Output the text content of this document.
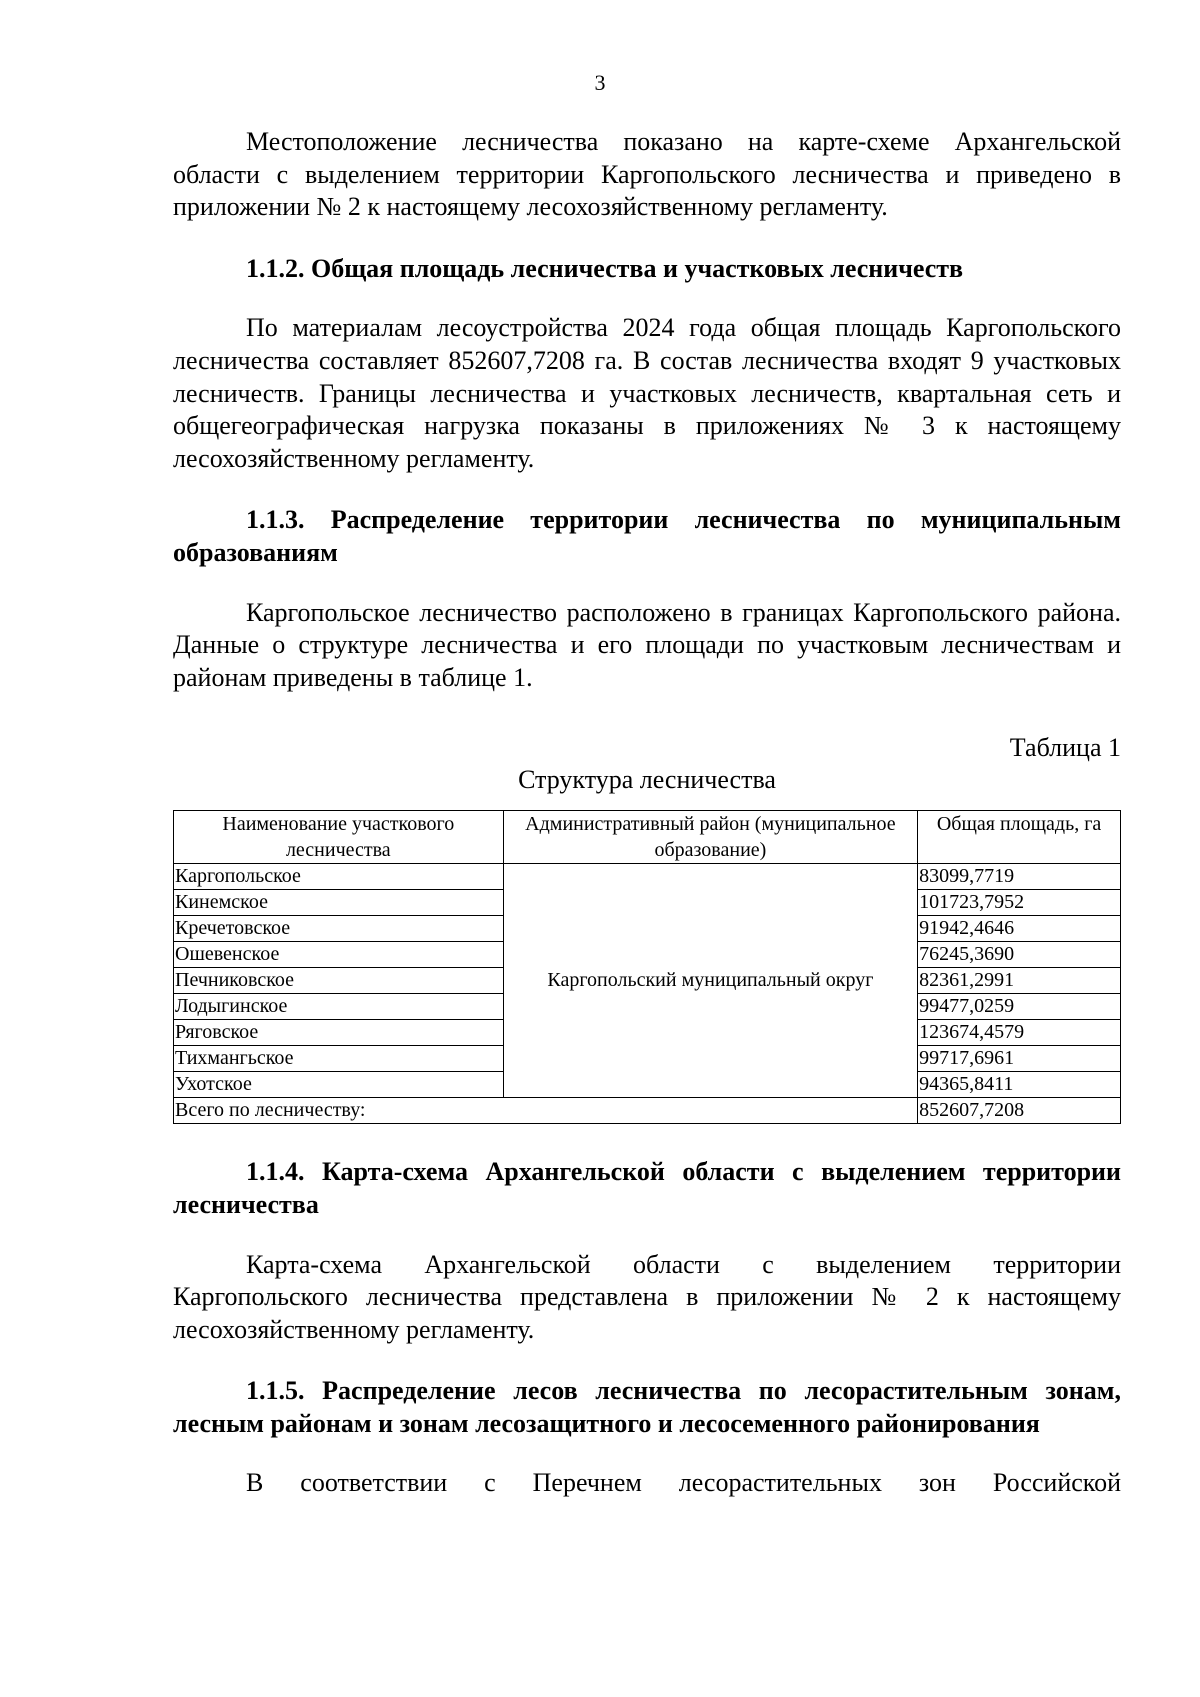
3

Местоположение лесничества показано на карте-схеме Архангельской области с выделением территории Каргопольского лесничества и приведено в приложении № 2 к настоящему лесохозяйственному регламенту.

1.1.2. Общая площадь лесничества и участковых лесничеств

По материалам лесоустройства 2024 года общая площадь Каргопольского лесничества составляет 852607,7208 га. В состав лесничества входят 9 участковых лесничеств. Границы лесничества и участковых лесничеств, квартальная сеть и общегеографическая нагрузка показаны в приложениях № 3 к настоящему лесохозяйственному регламенту.

1.1.3. Распределение территории лесничества по муниципальным образованиям

Каргопольское лесничество расположено в границах Каргопольского района. Данные о структуре лесничества и его площади по участковым лесничествам и районам приведены в таблице 1.

Таблица 1
Структура лесничества
Наименование участкового лесничества	Административный район (муниципальное образование)	Общая площадь, га
Каргопольское	Каргопольский муниципальный округ	83099,7719
Кинемское		101723,7952
Кречетовское		91942,4646
Ошевенское		76245,3690
Печниковское		82361,2991
Лодыгинское		99477,0259
Ряговское		123674,4579
Тихмангьское		99717,6961
Ухотское		94365,8411
Всего по лесничеству:		852607,7208
1.1.4. Карта-схема Архангельской области с выделением территории лесничества

Карта-схема Архангельской области с выделением территории Каргопольского лесничества представлена в приложении № 2 к настоящему лесохозяйственному регламенту.

1.1.5. Распределение лесов лесничества по лесорастительным зонам, лесным районам и зонам лесозащитного и лесосеменного районирования

В соответствии с Перечнем лесорастительных зон Российской
